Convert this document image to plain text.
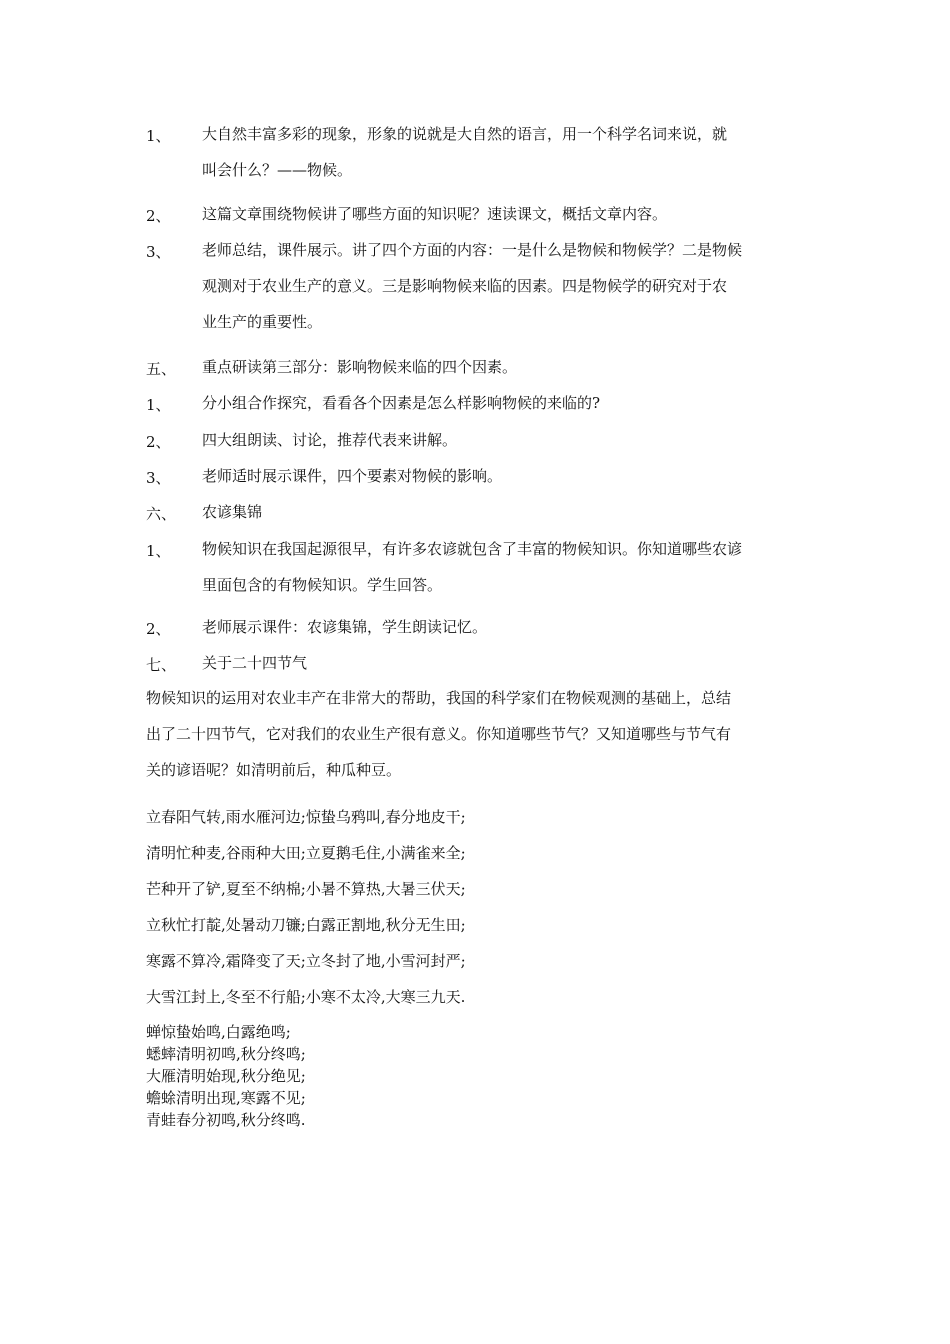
1、 大自然丰富多彩的现象，形象的说就是大自然的语言，用一个科学名词来说，就
叫会什么？——物候。
2、 这篇文章围绕物候讲了哪些方面的知识呢？速读课文，概括文章内容。
3、 老师总结，课件展示。讲了四个方面的内容：一是什么是物候和物候学？二是物候
观测对于农业生产的意义。三是影响物候来临的因素。四是物候学的研究对于农
业生产的重要性。
五、 重点研读第三部分：影响物候来临的四个因素。
1、 分小组合作探究，看看各个因素是怎么样影响物候的来临的?
2、 四大组朗读、讨论，推荐代表来讲解。
3、 老师适时展示课件，四个要素对物候的影响。
六、 农谚集锦
1、 物候知识在我国起源很早，有许多农谚就包含了丰富的物候知识。你知道哪些农谚
里面包含的有物候知识。学生回答。
2、 老师展示课件：农谚集锦，学生朗读记忆。
七、 关于二十四节气
物候知识的运用对农业丰产在非常大的帮助，我国的科学家们在物候观测的基础上，总结
出了二十四节气，它对我们的农业生产很有意义。你知道哪些节气？又知道哪些与节气有
关的谚语呢？如清明前后，种瓜种豆。
立春阳气转,雨水雁河边;惊蛰乌鸦叫,春分地皮干;
清明忙种麦,谷雨种大田;立夏鹅毛住,小满雀来全;
芒种开了铲,夏至不纳棉;小暑不算热,大暑三伏天;
立秋忙打靛,处暑动刀镰;白露正割地,秋分无生田;
寒露不算冷,霜降变了天;立冬封了地,小雪河封严;
大雪江封上,冬至不行船;小寒不太冷,大寒三九天.
蝉惊蛰始鸣,白露绝鸣;
蟋蟀清明初鸣,秋分终鸣;
大雁清明始现,秋分绝见;
蟾蜍清明出现,寒露不见;
青蛙春分初鸣,秋分终鸣.
